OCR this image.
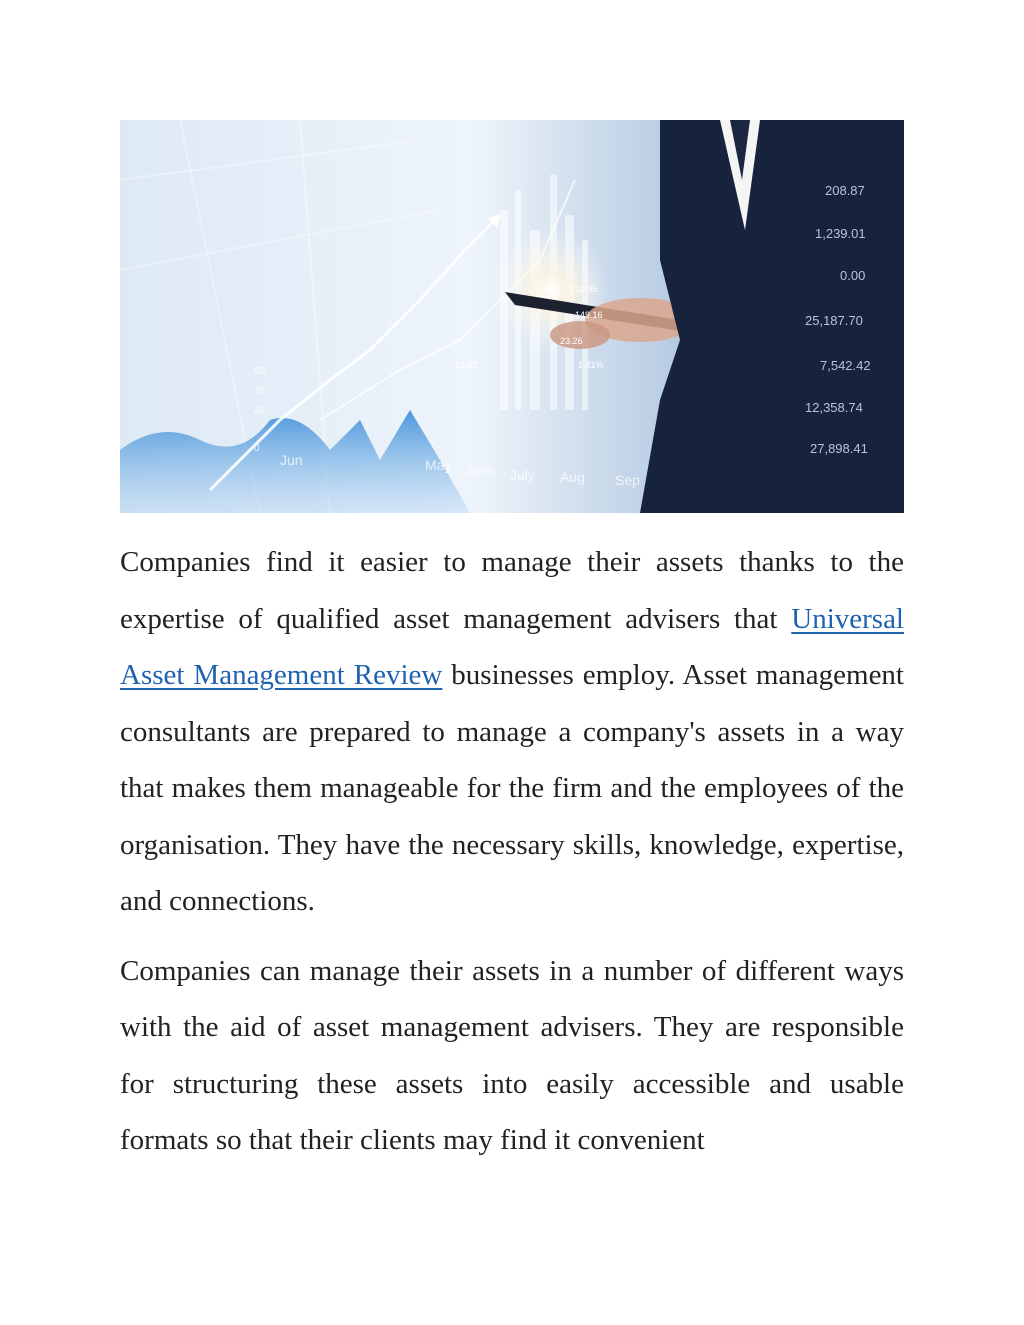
208.87
1,239.01
0.00
25,187.70
7,542.42
12,358.74
27,898.41
210.95
149.16
23.26
18.92	1.41%
60
40
20
0
Jun	May June July Aug Sep

Companies find it easier to manage their assets thanks to the expertise of qualified asset management advisers that Universal Asset Management Review businesses employ. Asset management consultants are prepared to manage a company's assets in a way that makes them manageable for the firm and the employees of the organisation. They have the necessary skills, knowledge, expertise, and connections.

Companies can manage their assets in a number of different ways with the aid of asset management advisers. They are responsible for structuring these assets into easily accessible and usable formats so that their clients may find it convenient
